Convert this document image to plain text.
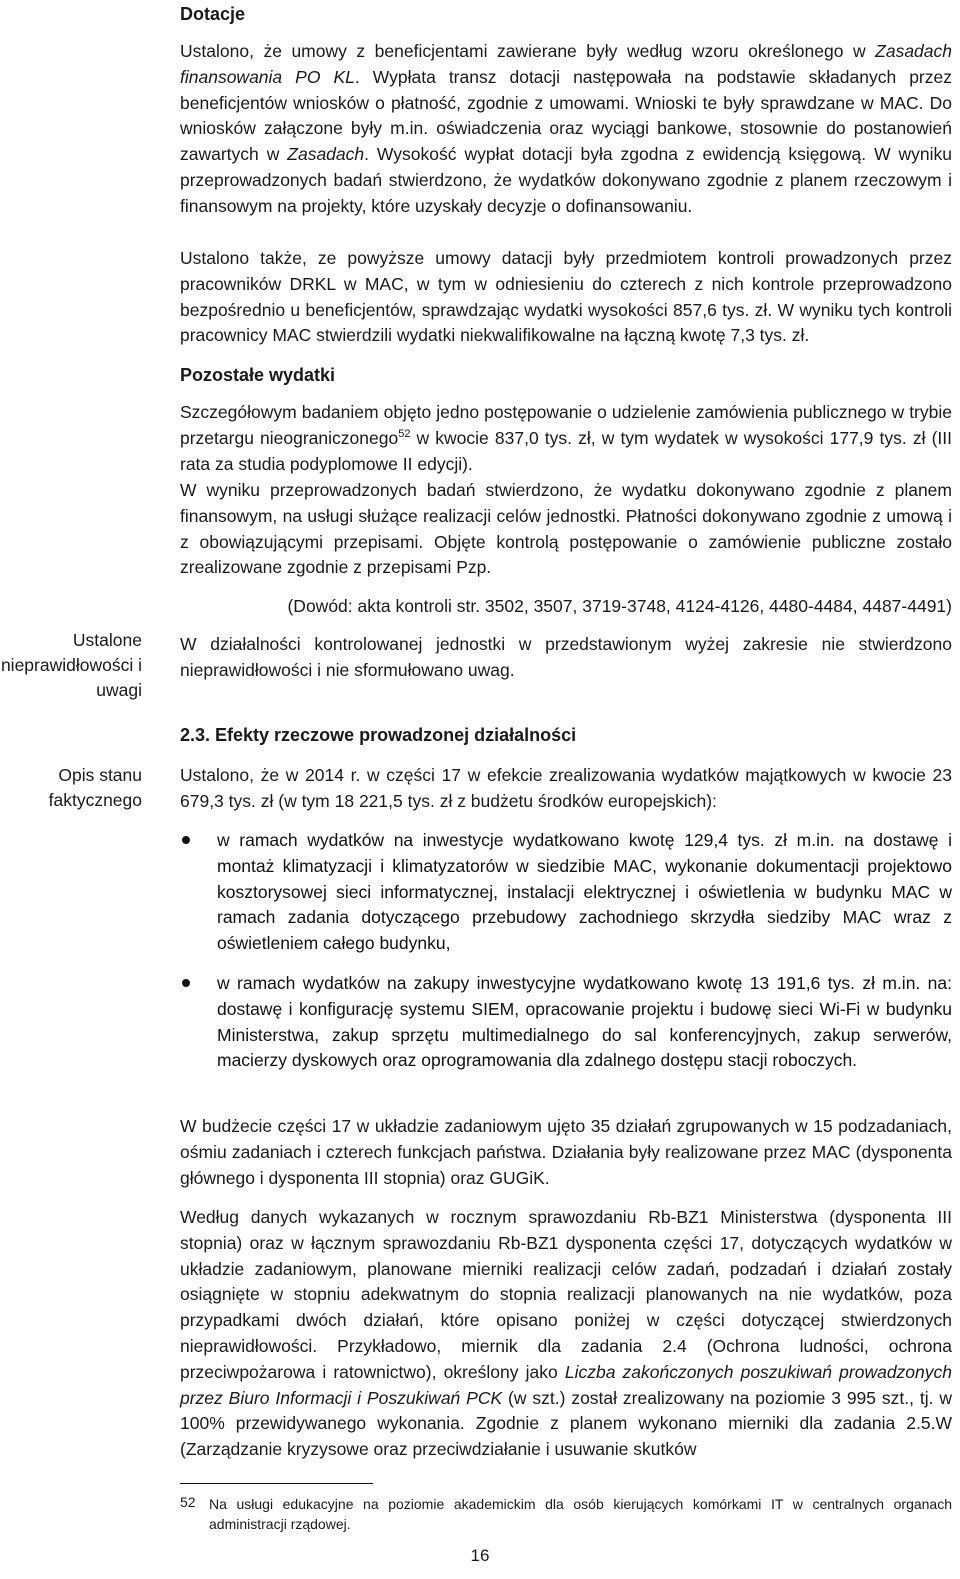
Ustalone nieprawidłowości i uwagi
Opis stanu faktycznego
Dotacje

Ustalono, że umowy z beneficjentami zawierane były według wzoru określonego w Zasadach finansowania PO KL. Wypłata transz dotacji następowała na podstawie składanych przez beneficjentów wniosków o płatność, zgodnie z umowami. Wnioski te były sprawdzane w MAC. Do wniosków załączone były m.in. oświadczenia oraz wyciągi bankowe, stosownie do postanowień zawartych w Zasadach. Wysokość wypłat dotacji była zgodna z ewidencją księgową. W wyniku przeprowadzonych badań stwierdzono, że wydatków dokonywano zgodnie z planem rzeczowym i finansowym na projekty, które uzyskały decyzje o dofinansowaniu.

Ustalono także, ze powyższe umowy datacji były przedmiotem kontroli prowadzonych przez pracowników DRKL w MAC, w tym w odniesieniu do czterech z nich kontrole przeprowadzono bezpośrednio u beneficjentów, sprawdzając wydatki wysokości 857,6 tys. zł. W wyniku tych kontroli pracownicy MAC stwierdzili wydatki niekwalifikowalne na łączną kwotę 7,3 tys. zł.

Pozostałe wydatki

Szczegółowym badaniem objęto jedno postępowanie o udzielenie zamówienia publicznego w trybie przetargu nieograniczonego$^{52}$ w kwocie 837,0 tys. zł, w tym wydatek w wysokości 177,9 tys. zł (III rata za studia podyplomowe II edycji).

W wyniku przeprowadzonych badań stwierdzono, że wydatku dokonywano zgodnie z planem finansowym, na usługi służące realizacji celów jednostki. Płatności dokonywano zgodnie z umową i z obowiązującymi przepisami. Objęte kontrolą postępowanie o zamówienie publiczne zostało zrealizowane zgodnie z przepisami Pzp.

(Dowód: akta kontroli str. 3502, 3507, 3719-3748, 4124-4126, 4480-4484, 4487-4491)

W działalności kontrolowanej jednostki w przedstawionym wyżej zakresie nie stwierdzono nieprawidłowości i nie sformułowano uwag.

2.3. Efekty rzeczowe prowadzonej działalności

Ustalono, że w 2014 r. w części 17 w efekcie zrealizowania wydatków majątkowych w kwocie 23 679,3 tys. zł (w tym 18 221,5 tys. zł z budżetu środków europejskich):

w ramach wydatków na inwestycje wydatkowano kwotę 129,4 tys. zł m.in. na dostawę i montaż klimatyzacji i klimatyzatorów w siedzibie MAC, wykonanie dokumentacji projektowo kosztorysowej sieci informatycznej, instalacji elektrycznej i oświetlenia w budynku MAC w ramach zadania dotyczącego przebudowy zachodniego skrzydła siedziby MAC wraz z oświetleniem całego budynku,
w ramach wydatków na zakupy inwestycyjne wydatkowano kwotę 13 191,6 tys. zł m.in. na: dostawę i konfigurację systemu SIEM, opracowanie projektu i budowę sieci Wi-Fi w budynku Ministerstwa, zakup sprzętu multimedialnego do sal konferencyjnych, zakup serwerów, macierzy dyskowych oraz oprogramowania dla zdalnego dostępu stacji roboczych.

W budżecie części 17 w układzie zadaniowym ujęto 35 działań zgrupowanych w 15 podzadaniach, ośmiu zadaniach i czterech funkcjach państwa. Działania były realizowane przez MAC (dysponenta głównego i dysponenta III stopnia) oraz GUGiK.

Według danych wykazanych w rocznym sprawozdaniu Rb-BZ1 Ministerstwa (dysponenta III stopnia) oraz w łącznym sprawozdaniu Rb-BZ1 dysponenta części 17, dotyczących wydatków w układzie zadaniowym, planowane mierniki realizacji celów zadań, podzadań i działań zostały osiągnięte w stopniu adekwatnym do stopnia realizacji planowanych na nie wydatków, poza przypadkami dwóch działań, które opisano poniżej w części dotyczącej stwierdzonych nieprawidłowości. Przykładowo, miernik dla zadania 2.4 (Ochrona ludności, ochrona przeciwpożarowa i ratownictwo), określony jako Liczba zakończonych poszukiwań prowadzonych przez Biuro Informacji i Poszukiwań PCK (w szt.) został zrealizowany na poziomie 3 995 szt., tj. w 100% przewidywanego wykonania. Zgodnie z planem wykonano mierniki dla zadania 2.5.W (Zarządzanie kryzysowe oraz przeciwdziałanie i usuwanie skutków

52 Na usługi edukacyjne na poziomie akademickim dla osób kierujących komórkami IT w centralnych organach administracji rządowej.
16
